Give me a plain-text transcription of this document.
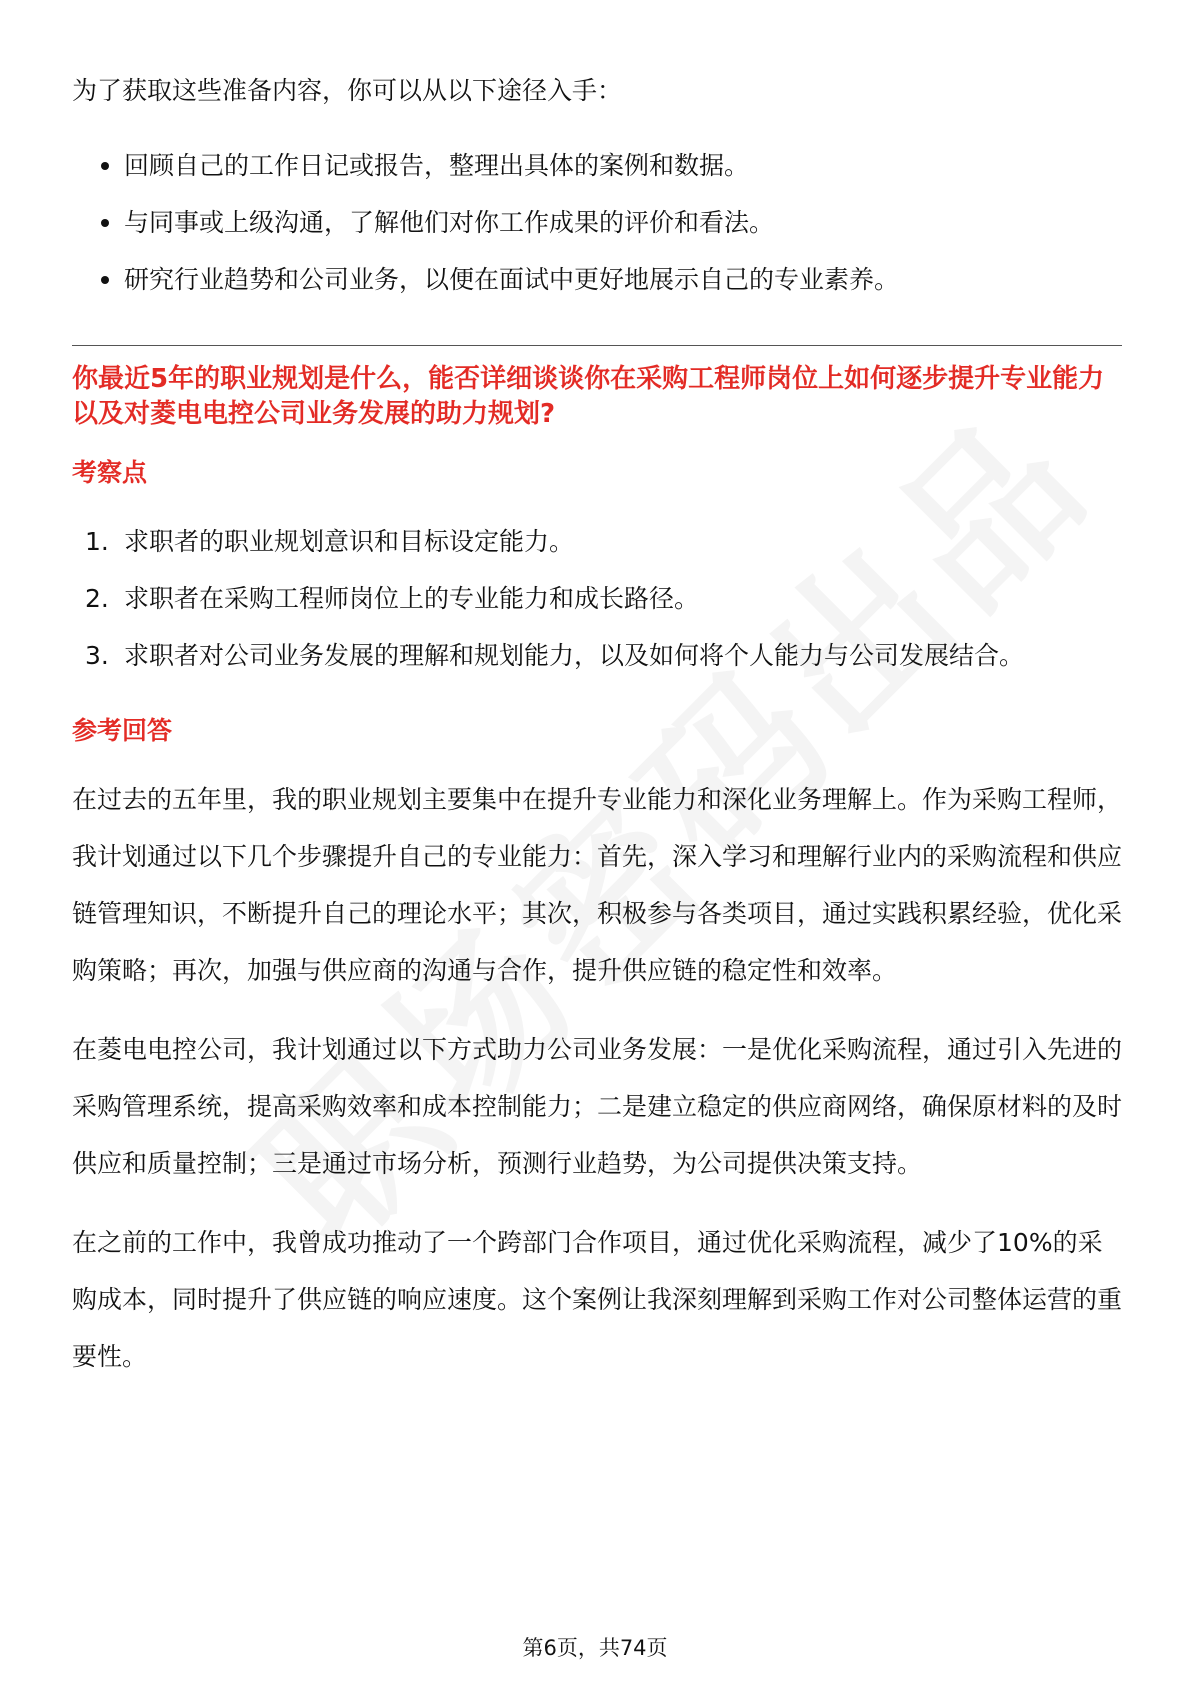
为了获取这些准备内容，你可以从以下途径入手：

回顾自己的工作日记或报告，整理出具体的案例和数据。
与同事或上级沟通，了解他们对你工作成果的评价和看法。
研究行业趋势和公司业务，以便在面试中更好地展示自己的专业素养。

你最近5年的职业规划是什么，能否详细谈谈你在采购工程师岗位上如何逐步提升专业能力以及对菱电电控公司业务发展的助力规划?

考察点

1. 求职者的职业规划意识和目标设定能力。
2. 求职者在采购工程师岗位上的专业能力和成长路径。
3. 求职者对公司业务发展的理解和规划能力，以及如何将个人能力与公司发展结合。

参考回答

在过去的五年里，我的职业规划主要集中在提升专业能力和深化业务理解上。作为采购工程师，我计划通过以下几个步骤提升自己的专业能力：首先，深入学习和理解行业内的采购流程和供应链管理知识，不断提升自己的理论水平；其次，积极参与各类项目，通过实践积累经验，优化采购策略；再次，加强与供应商的沟通与合作，提升供应链的稳定性和效率。

在菱电电控公司，我计划通过以下方式助力公司业务发展：一是优化采购流程，通过引入先进的采购管理系统，提高采购效率和成本控制能力；二是建立稳定的供应商网络，确保原材料的及时供应和质量控制；三是通过市场分析，预测行业趋势，为公司提供决策支持。

在之前的工作中，我曾成功推动了一个跨部门合作项目，通过优化采购流程，减少了10%的采购成本，同时提升了供应链的响应速度。这个案例让我深刻理解到采购工作对公司整体运营的重要性。

第6页，共74页
